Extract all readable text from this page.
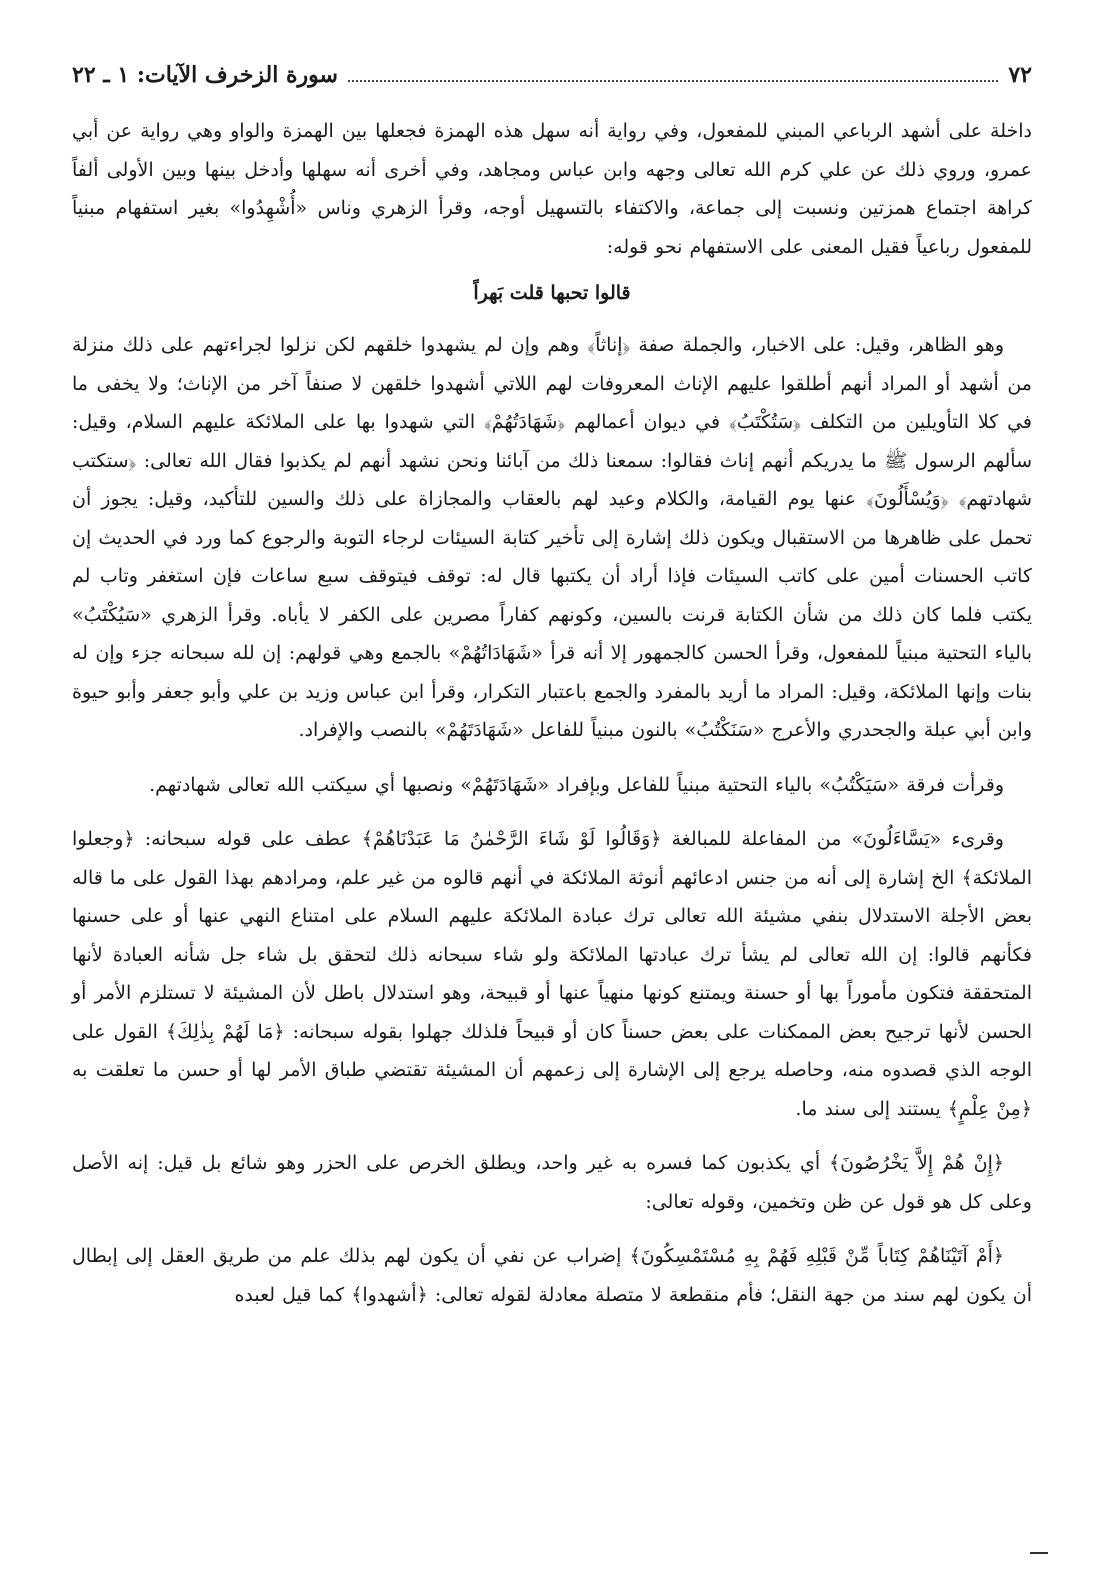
سورة الزخرف الآيات: ١ ـ ٢٢	٧٢

داخلة على أشهد الرباعي المبني للمفعول، وفي رواية أنه سهل هذه الهمزة فجعلها بين الهمزة والواو وهي رواية عن أبي عمرو، وروي ذلك عن علي كرم الله تعالى وجهه وابن عباس ومجاهد، وفي أخرى أنه سهلها وأدخل بينها وبين الأولى ألفاً كراهة اجتماع همزتين ونسبت إلى جماعة، والاكتفاء بالتسهيل أوجه، وقرأ الزهري وناس «أُشْهِدُوا» بغير استفهام مبنياً للمفعول رباعياً فقيل المعنى على الاستفهام نحو قوله:

قالوا تحبها قلت بَهراً

وهو الظاهر، وقيل: على الاخبار، والجملة صفة ﴿إناثاً﴾ وهم وإن لم يشهدوا خلقهم لكن نزلوا لجراءتهم على ذلك منزلة من أشهد أو المراد أنهم أطلقوا عليهم الإناث المعروفات لهم اللاتي أشهدوا خلقهن لا صنفاً آخر من الإناث؛ ولا يخفى ما في كلا التأويلين من التكلف ﴿سَتُكْتَبُ﴾ في ديوان أعمالهم ﴿شَهَادَتُهُمْ﴾ التي شهدوا بها على الملائكة عليهم السلام، وقيل: سألهم الرسول ﷺ ما يدريكم أنهم إناث فقالوا: سمعنا ذلك من آبائنا ونحن نشهد أنهم لم يكذبوا فقال الله تعالى: ﴿ستكتب شهادتهم﴾ ﴿وَيُسْأَلُونَ﴾ عنها يوم القيامة، والكلام وعيد لهم بالعقاب والمجازاة على ذلك والسين للتأكيد، وقيل: يجوز أن تحمل على ظاهرها من الاستقبال ويكون ذلك إشارة إلى تأخير كتابة السيئات لرجاء التوبة والرجوع كما ورد في الحديث إن كاتب الحسنات أمين على كاتب السيئات فإذا أراد أن يكتبها قال له: توقف فيتوقف سبع ساعات فإن استغفر وتاب لم يكتب فلما كان ذلك من شأن الكتابة قرنت بالسين، وكونهم كفاراً مصرين على الكفر لا يأباه. وقرأ الزهري «سَيُكْتَبُ» بالياء التحتية مبنياً للمفعول، وقرأ الحسن كالجمهور إلا أنه قرأ «شَهَادَاتُهُمْ» بالجمع وهي قولهم: إن لله سبحانه جزء وإن له بنات وإنها الملائكة، وقيل: المراد ما أريد بالمفرد والجمع باعتبار التكرار، وقرأ ابن عباس وزيد بن علي وأبو جعفر وأبو حيوة وابن أبي عبلة والجحدري والأعرج «سَنَكْتُبُ» بالنون مبنياً للفاعل «شَهَادَتَهُمْ» بالنصب والإفراد.

وقرأت فرقة «سَيَكْتُبُ» بالياء التحتية مبنياً للفاعل وبإفراد «شَهَادَتَهُمْ» ونصبها أي سيكتب الله تعالى شهادتهم.

وقرىء «يَسَّاءَلُونَ» من المفاعلة للمبالغة ﴿وَقَالُوا لَوْ شَاءَ الرَّحْمٰنُ مَا عَبَدْنَاهُمْ﴾ عطف على قوله سبحانه: ﴿وجعلوا الملائكة﴾ الخ إشارة إلى أنه من جنس ادعائهم أنوثة الملائكة في أنهم قالوه من غير علم، ومرادهم بهذا القول على ما قاله بعض الأجلة الاستدلال بنفي مشيئة الله تعالى ترك عبادة الملائكة عليهم السلام على امتناع النهي عنها أو على حسنها فكأنهم قالوا: إن الله تعالى لم يشأ ترك عبادتها الملائكة ولو شاء سبحانه ذلك لتحقق بل شاء جل شأنه العبادة لأنها المتحققة فتكون مأموراً بها أو حسنة ويمتنع كونها منهياً عنها أو قبيحة، وهو استدلال باطل لأن المشيئة لا تستلزم الأمر أو الحسن لأنها ترجيح بعض الممكنات على بعض حسناً كان أو قبيحاً فلذلك جهلوا بقوله سبحانه: ﴿مَا لَهُمْ بِذٰلِكَ﴾ القول على الوجه الذي قصدوه منه، وحاصله يرجع إلى الإشارة إلى زعمهم أن المشيئة تقتضي طباق الأمر لها أو حسن ما تعلقت به ﴿مِنْ عِلْمٍ﴾ يستند إلى سند ما.

﴿إِنْ هُمْ إِلاَّ يَخْرُصُونَ﴾ أي يكذبون كما فسره به غير واحد، ويطلق الخرص على الحزر وهو شائع بل قيل: إنه الأصل وعلى كل هو قول عن ظن وتخمين، وقوله تعالى:

﴿أَمْ آتَيْنَاهُمْ كِتَاباً مِّنْ قَبْلِهِ فَهُمْ بِهِ مُسْتَمْسِكُونَ﴾ إضراب عن نفي أن يكون لهم بذلك علم من طريق العقل إلى إبطال أن يكون لهم سند من جهة النقل؛ فأم منقطعة لا متصلة معادلة لقوله تعالى: ﴿أشهدوا﴾ كما قيل لعبده
